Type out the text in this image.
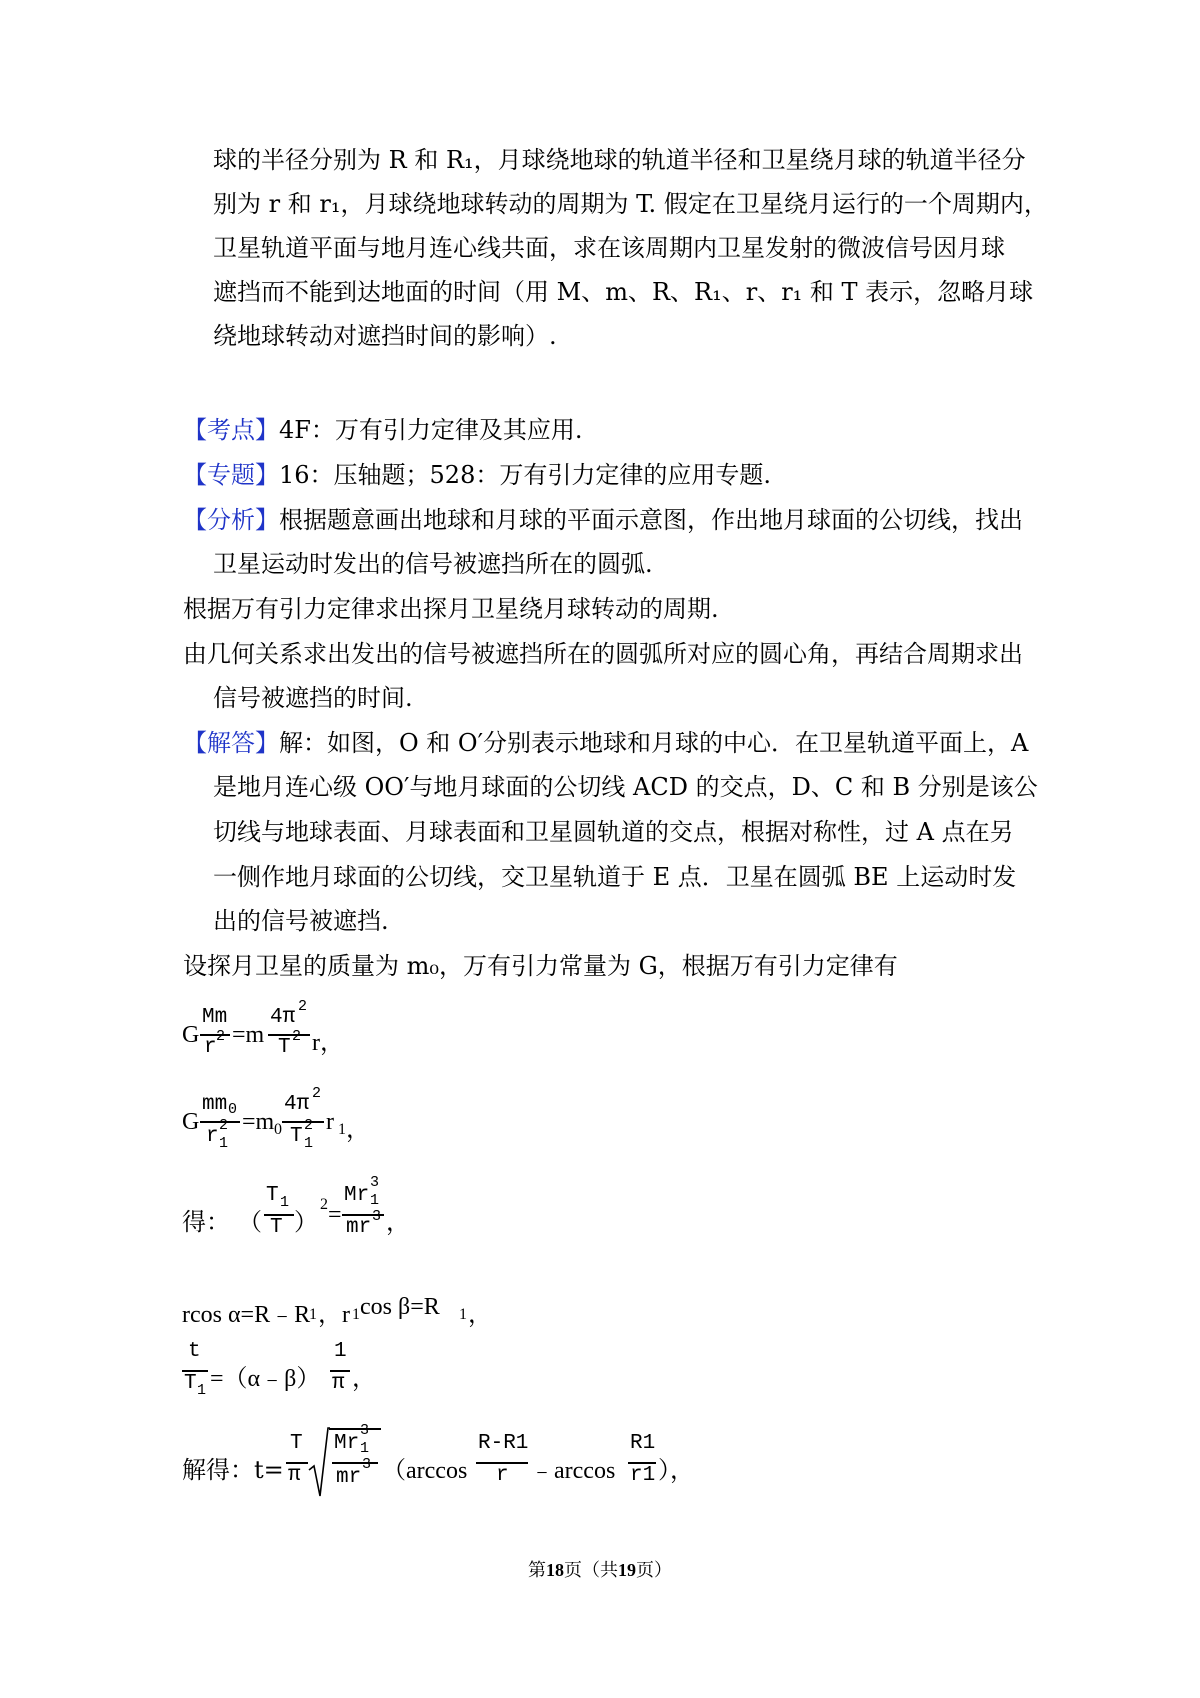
球的半径分别为 R 和 R₁，月球绕地球的轨道半径和卫星绕月球的轨道半径分
别为 r 和 r₁，月球绕地球转动的周期为 T. 假定在卫星绕月运行的一个周期内，
卫星轨道平面与地月连心线共面，求在该周期内卫星发射的微波信号因月球
遮挡而不能到达地面的时间（用 M、m、R、R₁、r、r₁ 和 T 表示，忽略月球
绕地球转动对遮挡时间的影响）.
【考点】4F：万有引力定律及其应用.
【专题】16：压轴题；528：万有引力定律的应用专题.
【分析】根据题意画出地球和月球的平面示意图，作出地月球面的公切线，找出
卫星运动时发出的信号被遮挡所在的圆弧.
根据万有引力定律求出探月卫星绕月球转动的周期.
由几何关系求出发出的信号被遮挡所在的圆弧所对应的圆心角，再结合周期求出
信号被遮挡的时间.
【解答】解：如图，O 和 O′分别表示地球和月球的中心．在卫星轨道平面上，A
是地月连心级 OO′与地月球面的公切线 ACD 的交点，D、C 和 B 分别是该公
切线与地球表面、月球表面和卫星圆轨道的交点，根据对称性，过 A 点在另
一侧作地月球面的公切线，交卫星轨道于 E 点．卫星在圆弧 BE 上运动时发
出的信号被遮挡.
设探月卫星的质量为 m₀，万有引力常量为 G，根据万有引力定律有
G
Mm
r 2 =m
4π 2
T 2 r，
G
mm 0
r 2
1
=m 0
4π 2
T 2
1
r 1 ，
得： （
T 1
T ）
2 =
Mr
3
1
mr 3 ，
rcos α=R﹣R
1 ，r 1 cos β=R 1 ，
t
T 1 =（α﹣β）
1
π ，
解得：t=
T
π
Mr
3
1
mr
3 （arccos
R-R1
r ﹣arccos
R1
r1 ），
第18页（共19页）
